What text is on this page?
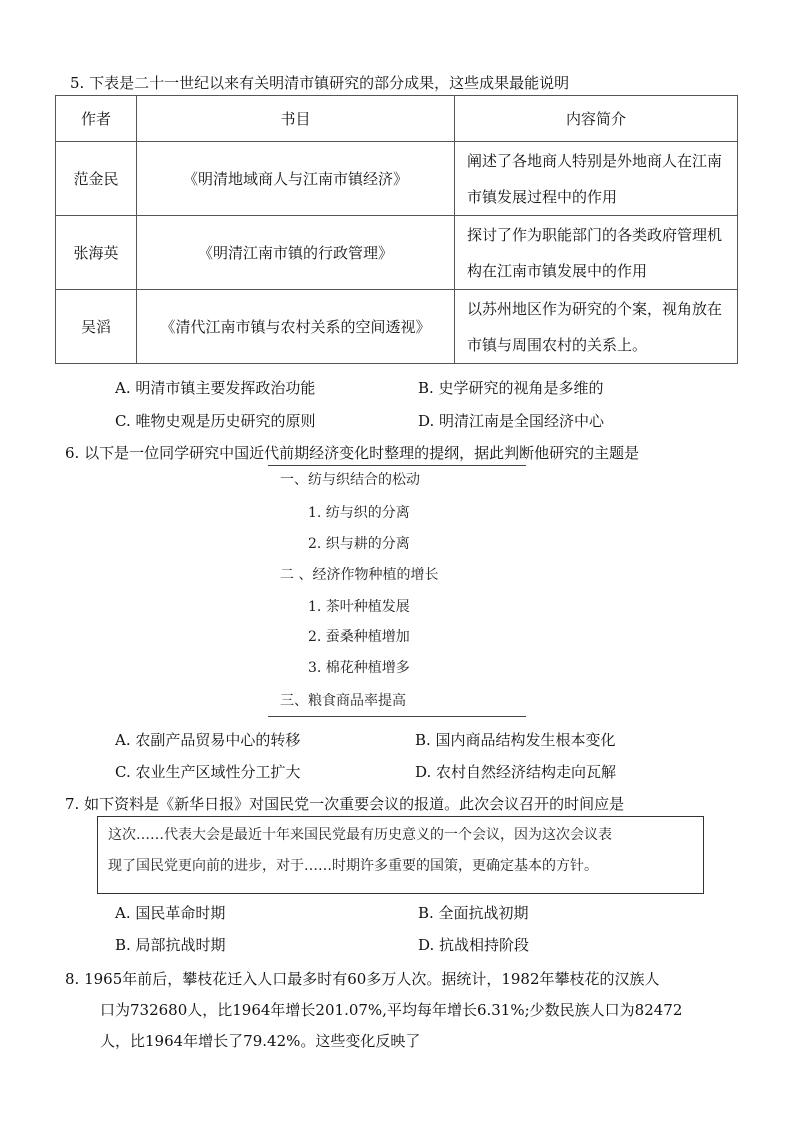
5. 下表是二十一世纪以来有关明清市镇研究的部分成果，这些成果最能说明
作者	书目	内容简介
范金民	《明清地域商人与江南市镇经济》	阐述了各地商人特别是外地商人在江南市镇发展过程中的作用
张海英	《明清江南市镇的行政管理》	探讨了作为职能部门的各类政府管理机构在江南市镇发展中的作用
吴滔	《清代江南市镇与农村关系的空间透视》	以苏州地区作为研究的个案，视角放在市镇与周围农村的关系上。
A. 明清市镇主要发挥政治功能	B. 史学研究的视角是多维的
C. 唯物史观是历史研究的原则	D. 明清江南是全国经济中心
6. 以下是一位同学研究中国近代前期经济变化时整理的提纲，据此判断他研究的主题是
一、纺与织结合的松动
1. 纺与织的分离
2. 织与耕的分离
二 、经济作物种植的增长
1. 茶叶种植发展
2. 蚕桑种植增加
3. 棉花种植增多
三、粮食商品率提高
A. 农副产品贸易中心的转移	B. 国内商品结构发生根本变化
C. 农业生产区域性分工扩大	D. 农村自然经济结构走向瓦解
7. 如下资料是《新华日报》对国民党一次重要会议的报道。此次会议召开的时间应是
这次……代表大会是最近十年来国民党最有历史意义的一个会议，因为这次会议表
现了国民党更向前的进步，对于……时期许多重要的国策，更确定基本的方针。
A. 国民革命时期	B. 全面抗战初期
B. 局部抗战时期	D. 抗战相持阶段
8. 1965年前后，攀枝花迁入人口最多时有60多万人次。据统计，1982年攀枝花的汉族人
口为732680人，比1964年增长201.07%,平均每年增长6.31%;少数民族人口为82472
人，比1964年增长了79.42%。这些变化反映了
